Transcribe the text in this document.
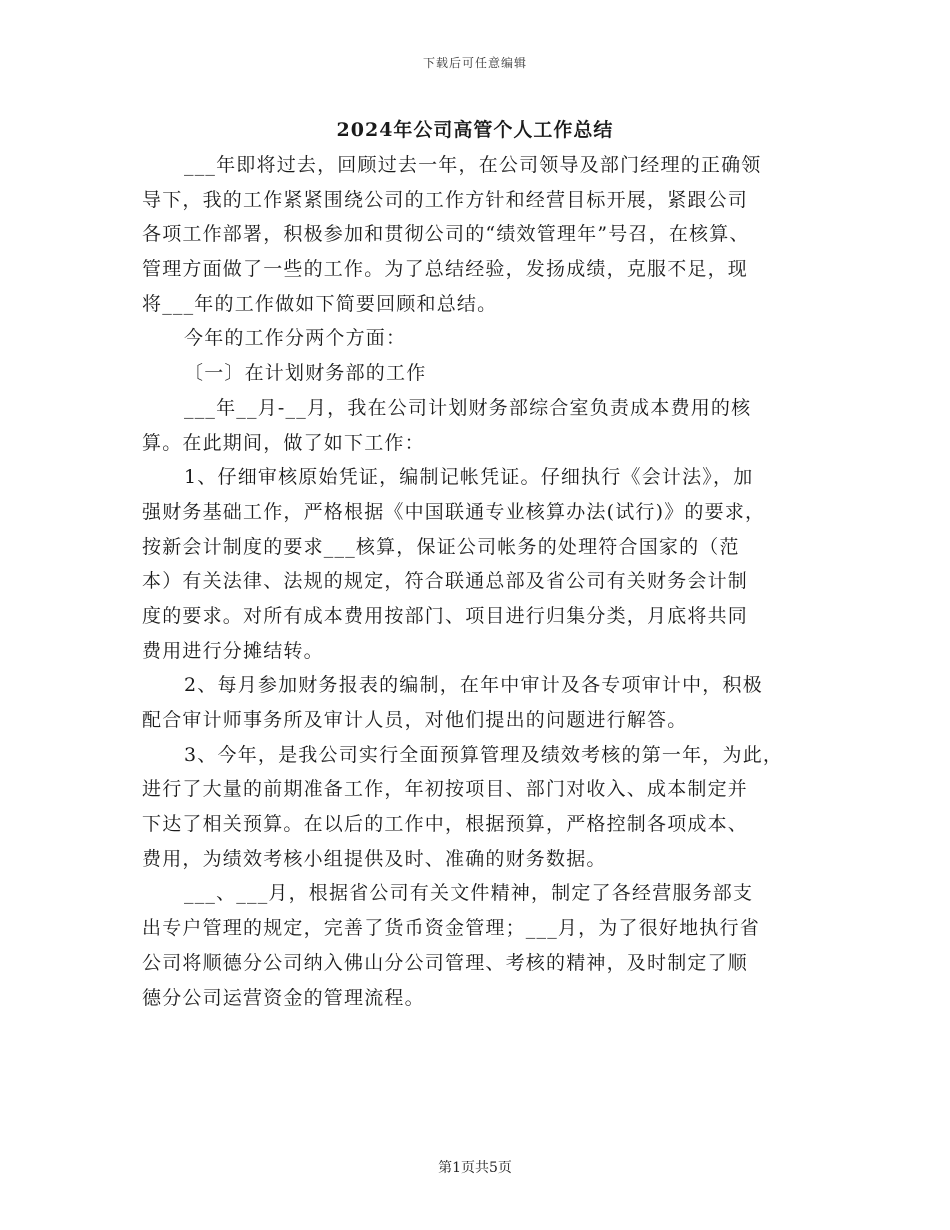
下载后可任意编辑
2024年公司高管个人工作总结
___年即将过去，回顾过去一年，在公司领导及部门经理的正确领
导下，我的工作紧紧围绕公司的工作方针和经营目标开展，紧跟公司
各项工作部署，积极参加和贯彻公司的“绩效管理年”号召，在核算、
管理方面做了一些的工作。为了总结经验，发扬成绩，克服不足，现
将___年的工作做如下简要回顾和总结。
今年的工作分两个方面：
〔一〕在计划财务部的工作
___年__月-__月，我在公司计划财务部综合室负责成本费用的核
算。在此期间，做了如下工作：
1、仔细审核原始凭证，编制记帐凭证。仔细执行《会计法》，加
强财务基础工作，严格根据《中国联通专业核算办法(试行)》的要求，
按新会计制度的要求___核算，保证公司帐务的处理符合国家的（范
本）有关法律、法规的规定，符合联通总部及省公司有关财务会计制
度的要求。对所有成本费用按部门、项目进行归集分类，月底将共同
费用进行分摊结转。
2、每月参加财务报表的编制，在年中审计及各专项审计中，积极
配合审计师事务所及审计人员，对他们提出的问题进行解答。
3、今年，是我公司实行全面预算管理及绩效考核的第一年，为此，
进行了大量的前期准备工作，年初按项目、部门对收入、成本制定并
下达了相关预算。在以后的工作中，根据预算，严格控制各项成本、
费用，为绩效考核小组提供及时、准确的财务数据。
___、___月，根据省公司有关文件精神，制定了各经营服务部支
出专户管理的规定，完善了货币资金管理；___月，为了很好地执行省
公司将顺德分公司纳入佛山分公司管理、考核的精神，及时制定了顺
德分公司运营资金的管理流程。
第1页共5页
